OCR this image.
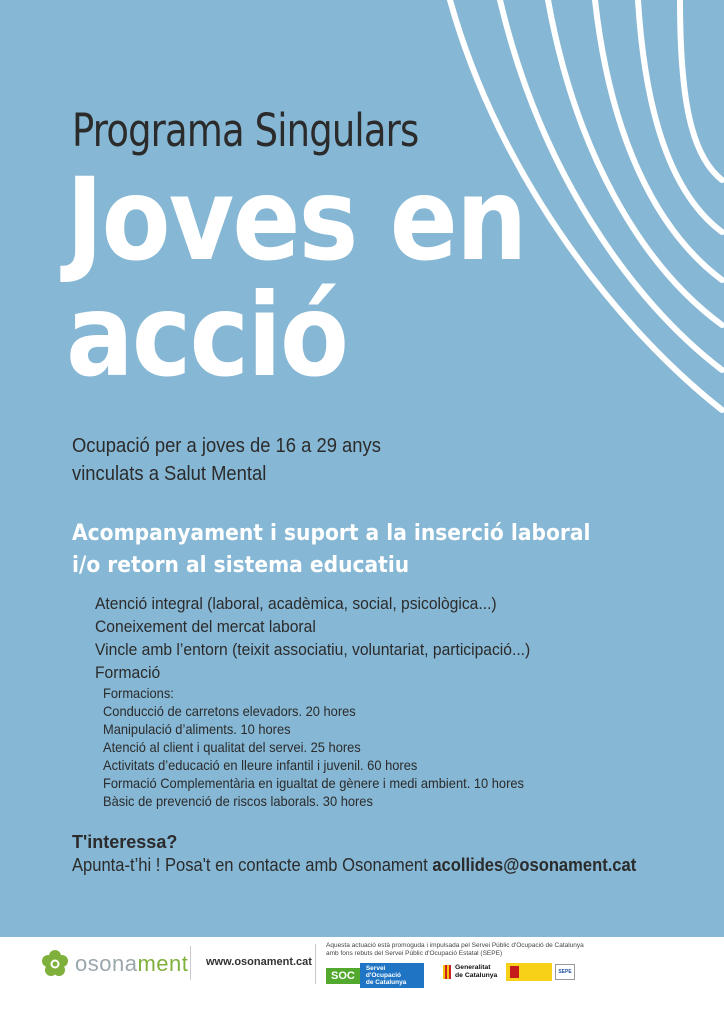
Programa Singulars
Joves en
acció
Ocupació per a joves de 16 a 29 anys
vinculats a Salut Mental
Acompanyament i suport a la inserció laboral
i/o retorn al sistema educatiu
Atenció integral (laboral, acadèmica, social, psicològica...)
Coneixement del mercat laboral
Vincle amb l’entorn (teixit associatiu, voluntariat, participació...)
Formació
Formacions:
Conducció de carretons elevadors. 20 hores
Manipulació d’aliments. 10 hores
Atenció al client i qualitat del servei. 25 hores
Activitats d’educació en lleure infantil i juvenil. 60 hores
Formació Complementària en igualtat de gènere i medi ambient. 10 hores
Bàsic de prevenció de riscos laborals. 30 hores
T'interessa?
Apunta-t’hi ! Posa't en contacte amb Osonament acollides@osonament.cat
osonament www.osonament.cat
Aquesta actuació està promoguda i impulsada pel Servei Públic d'Ocupació de Catalunya
amb fons rebuts del Servei Públic d'Ocupació Estatal (SEPE)
SOC
Servei d'Ocupació
de Catalunya
Generalitat
de Catalunya	SEPE
